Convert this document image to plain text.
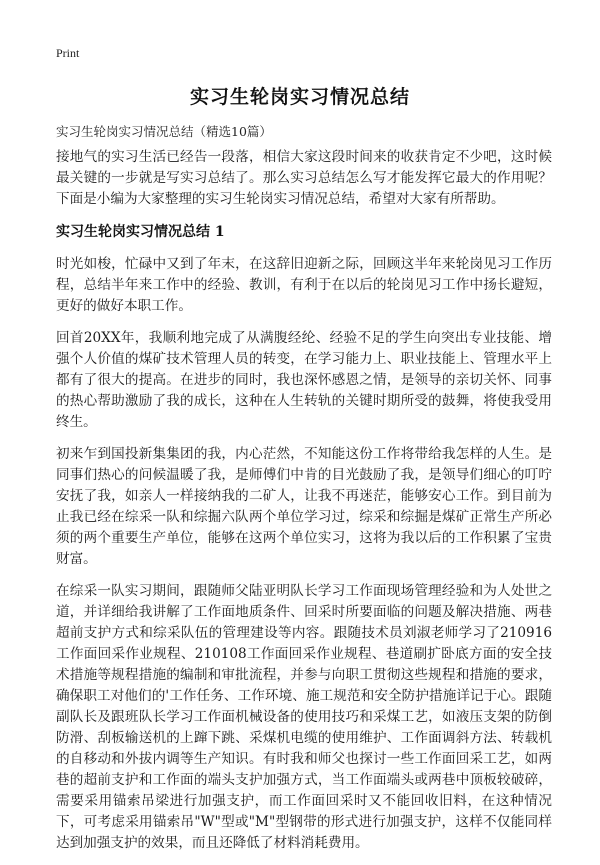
Print
实习生轮岗实习情况总结
实习生轮岗实习情况总结（精选10篇）

接地气的实习生活已经告一段落，相信大家这段时间来的收获肯定不少吧，这时候最关键的一步就是写实习总结了。那么实习总结怎么写才能发挥它最大的作用呢？下面是小编为大家整理的实习生轮岗实习情况总结，希望对大家有所帮助。

实习生轮岗实习情况总结 1

时光如梭，忙碌中又到了年末，在这辞旧迎新之际，回顾这半年来轮岗见习工作历程，总结半年来工作中的经验、教训，有利于在以后的轮岗见习工作中扬长避短，更好的做好本职工作。

回首20XX年，我顺利地完成了从满腹经纶、经验不足的学生向突出专业技能、增强个人价值的煤矿技术管理人员的转变，在学习能力上、职业技能上、管理水平上都有了很大的提高。在进步的同时，我也深怀感恩之情，是领导的亲切关怀、同事的热心帮助激励了我的成长，这种在人生转轨的关键时期所受的鼓舞，将使我受用终生。

初来乍到国投新集集团的我，内心茫然，不知能这份工作将带给我怎样的人生。是同事们热心的问候温暖了我，是师傅们中肯的目光鼓励了我，是领导们细心的叮咛安抚了我，如亲人一样接纳我的二矿人，让我不再迷茫，能够安心工作。到目前为止我已经在综采一队和综掘六队两个单位学习过，综采和综掘是煤矿正常生产所必须的两个重要生产单位，能够在这两个单位实习，这将为我以后的工作积累了宝贵财富。

在综采一队实习期间，跟随师父陆亚明队长学习工作面现场管理经验和为人处世之道，并详细给我讲解了工作面地质条件、回采时所要面临的问题及解决措施、两巷超前支护方式和综采队伍的管理建设等内容。跟随技术员刘淑老师学习了210916工作面回采作业规程、210108工作面回采作业规程、巷道刷扩卧底方面的安全技术措施等规程措施的编制和审批流程，并参与向职工贯彻这些规程和措施的要求，确保职工对他们的'工作任务、工作环境、施工规范和安全防护措施详记于心。跟随副队长及跟班队长学习工作面机械设备的使用技巧和采煤工艺，如液压支架的防倒防滑、刮板输送机的上蹿下跳、采煤机电缆的使用维护、工作面调斜方法、转载机的自移动和外拔内调等生产知识。有时我和师父也探讨一些工作面回采工艺，如两巷的超前支护和工作面的端头支护加强方式，当工作面端头或两巷中顶板较破碎，需要采用锚索吊梁进行加强支护，而工作面回采时又不能回收旧料，在这种情况下，可考虑采用锚索吊"W"型或"M"型钢带的形式进行加强支护，这样不仅能同样达到加强支护的效果，而且还降低了材料消耗费用。
